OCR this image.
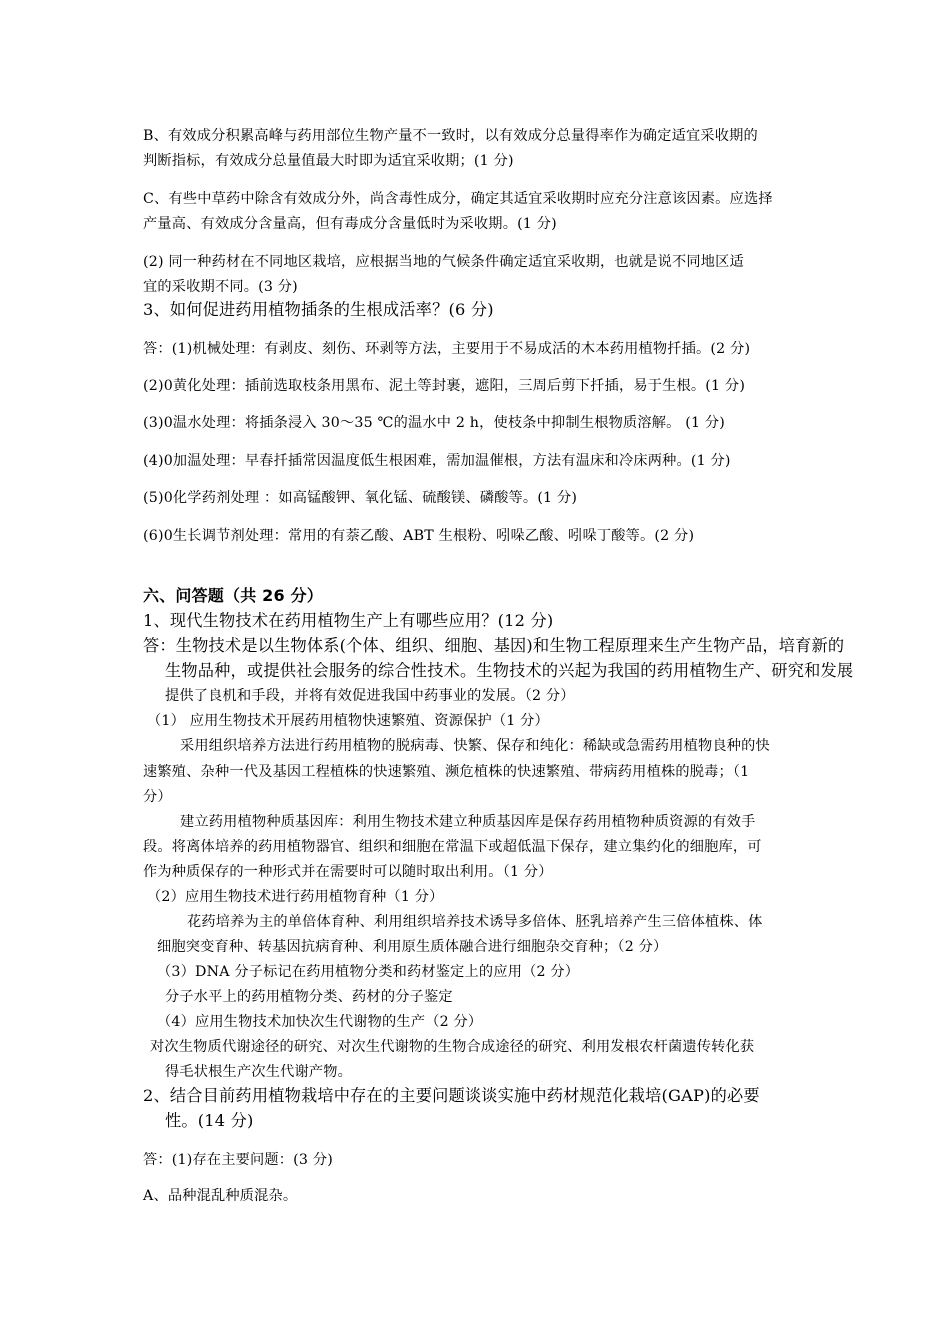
B、有效成分积累高峰与药用部位生物产量不一致时，以有效成分总量得率作为确定适宜采收期的
判断指标，有效成分总量值最大时即为适宜采收期；(1 分)
C、有些中草药中除含有效成分外，尚含毒性成分，确定其适宜采收期时应充分注意该因素。应选择
产量高、有效成分含量高，但有毒成分含量低时为采收期。(1 分)
(2) 同一种药材在不同地区栽培，应根据当地的气候条件确定适宜采收期，也就是说不同地区适
宜的采收期不同。(3 分)
3、如何促进药用植物插条的生根成活率？(6 分)
答：(1)机械处理：有剥皮、刻伤、环剥等方法，主要用于不易成活的木本药用植物扦插。(2 分)
(2)0黄化处理：插前选取枝条用黑布、泥土等封裹，遮阳，三周后剪下扦插，易于生根。(1 分)
(3)0温水处理：将插条浸入 30～35 ℃的温水中 2 h，使枝条中抑制生根物质溶解。 (1 分)
(4)0加温处理：早春扦插常因温度低生根困难，需加温催根，方法有温床和冷床两种。(1 分)
(5)0化学药剂处理 ：如高锰酸钾、氧化锰、硫酸镁、磷酸等。(1 分)
(6)0生长调节剂处理：常用的有萘乙酸、ABT 生根粉、吲哚乙酸、吲哚丁酸等。(2 分)
六、问答题（共 26 分）
1、现代生物技术在药用植物生产上有哪些应用？(12 分)
答：生物技术是以生物体系(个体、组织、细胞、基因)和生物工程原理来生产生物产品，培育新的
生物品种，或提供社会服务的综合性技术。生物技术的兴起为我国的药用植物生产、研究和发展
提供了良机和手段，并将有效促进我国中药事业的发展。（2 分）
（1） 应用生物技术开展药用植物快速繁殖、资源保护（1 分）
采用组织培养方法进行药用植物的脱病毒、快繁、保存和纯化：稀缺或急需药用植物良种的快
速繁殖、杂种一代及基因工程植株的快速繁殖、濒危植株的快速繁殖、带病药用植株的脱毒；（1
分）
建立药用植物种质基因库：利用生物技术建立种质基因库是保存药用植物种质资源的有效手
段。将离体培养的药用植物器官、组织和细胞在常温下或超低温下保存，建立集约化的细胞库，可
作为种质保存的一种形式并在需要时可以随时取出利用。（1 分）
（2）应用生物技术进行药用植物育种（1 分）
花药培养为主的单倍体育种、利用组织培养技术诱导多倍体、胚乳培养产生三倍体植株、体
细胞突变育种、转基因抗病育种、利用原生质体融合进行细胞杂交育种；（2 分）
（3）DNA 分子标记在药用植物分类和药材鉴定上的应用（2 分）
分子水平上的药用植物分类、药材的分子鉴定
（4）应用生物技术加快次生代谢物的生产（2 分）
对次生物质代谢途径的研究、对次生代谢物的生物合成途径的研究、利用发根农杆菌遗传转化获
得毛状根生产次生代谢产物。
2、结合目前药用植物栽培中存在的主要问题谈谈实施中药材规范化栽培(GAP)的必要
性。(14 分)
答：(1)存在主要问题：(3 分)
A、品种混乱种质混杂。
